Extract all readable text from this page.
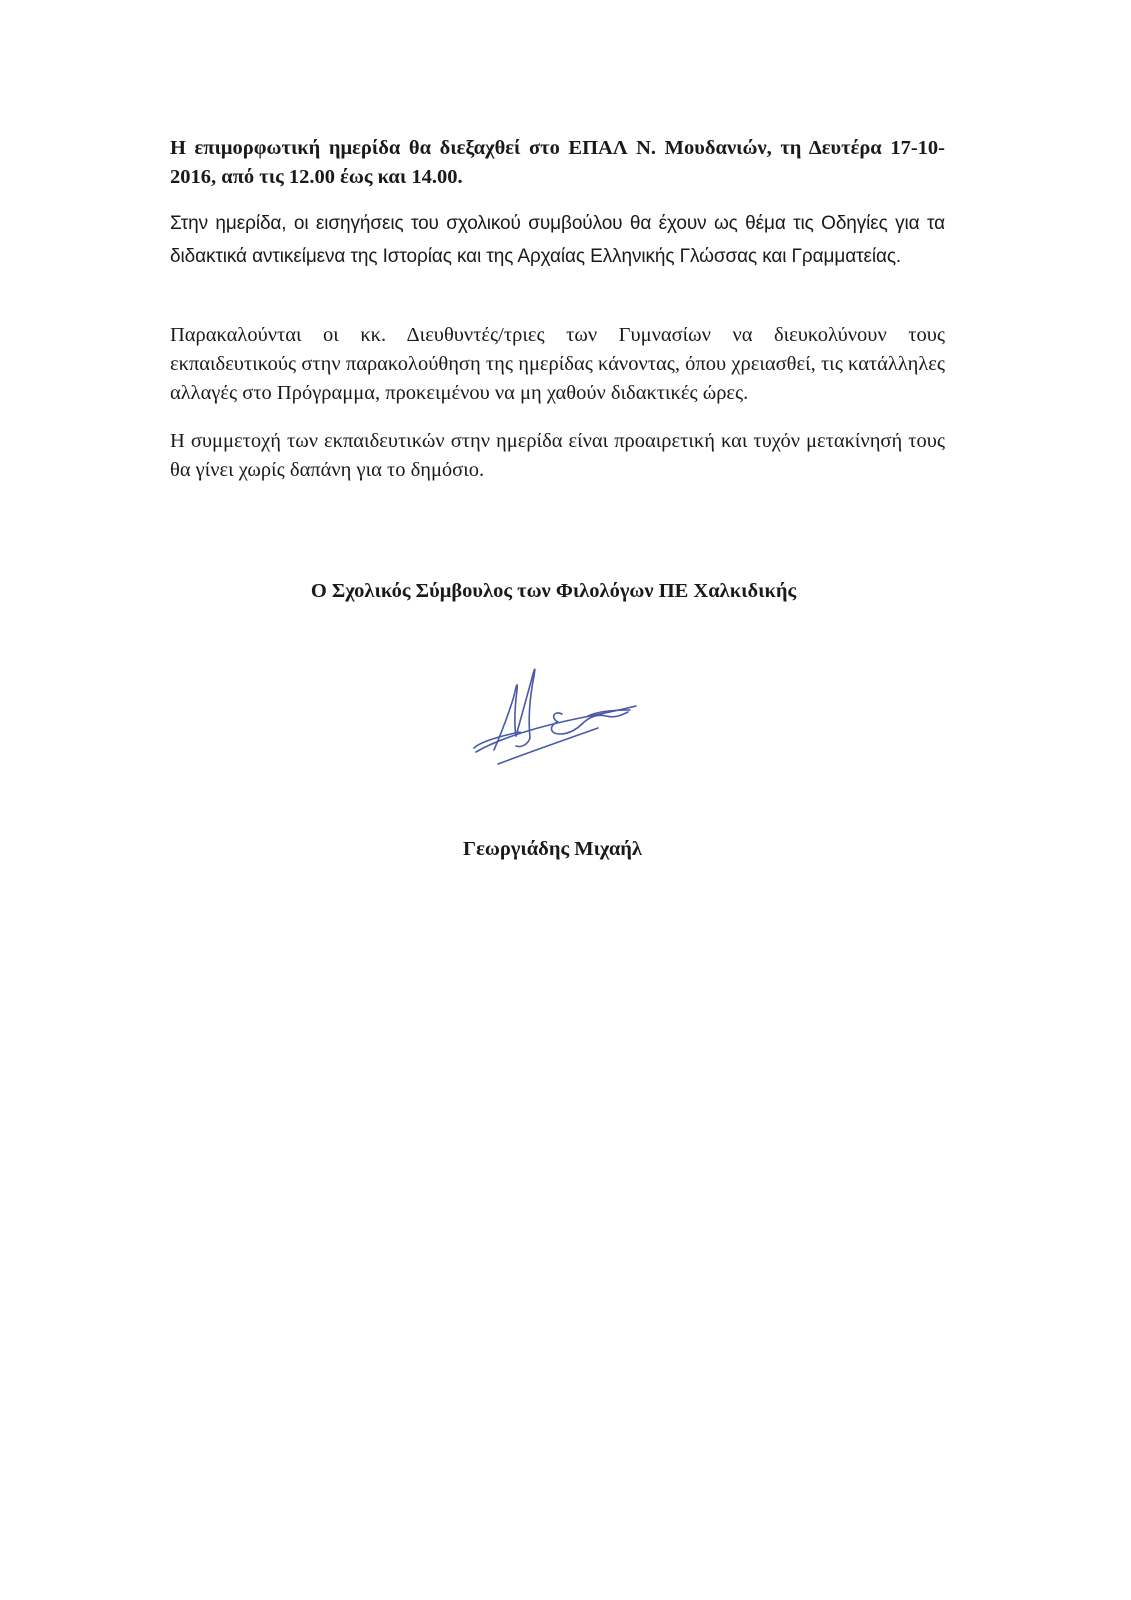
Η επιμορφωτική ημερίδα θα διεξαχθεί στο ΕΠΑΛ Ν. Μουδανιών, τη Δευτέρα 17-10-2016, από τις 12.00 έως και 14.00.

Στην ημερίδα, οι εισηγήσεις του σχολικού συμβούλου θα έχουν ως θέμα τις Οδηγίες για τα διδακτικά αντικείμενα της Ιστορίας και της Αρχαίας Ελληνικής Γλώσσας και Γραμματείας.

Παρακαλούνται οι κκ. Διευθυντές/τριες των Γυμνασίων να διευκολύνουν τους εκπαιδευτικούς στην παρακολούθηση της ημερίδας κάνοντας, όπου χρειασθεί, τις κατάλληλες αλλαγές στο Πρόγραμμα, προκειμένου να μη χαθούν διδακτικές ώρες.

Η συμμετοχή των εκπαιδευτικών στην ημερίδα είναι προαιρετική και τυχόν μετακίνησή τους θα γίνει χωρίς δαπάνη για το δημόσιο.

Ο Σχολικός Σύμβουλος των Φιλολόγων ΠΕ Χαλκιδικής

Γεωργιάδης Μιχαήλ
